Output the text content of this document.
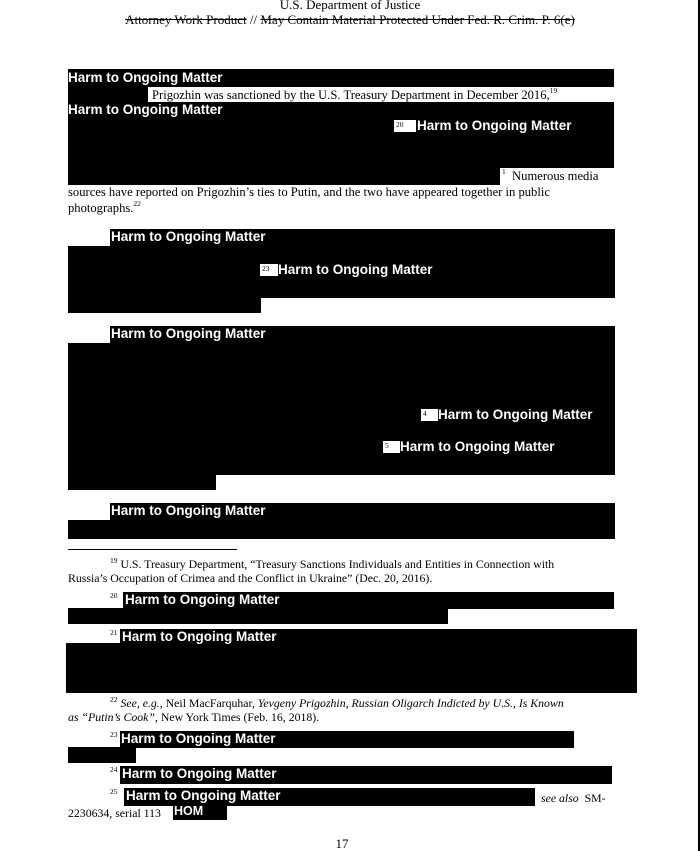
U.S. Department of Justice
Attorney Work Product // May Contain Material Protected Under Fed. R. Crim. P. 6(e)
Harm to Ongoing Matter
Prigozhin was sanctioned by the U.S. Treasury Department in December 2016,19
Harm to Ongoing Matter
20	Harm to Ongoing Matter
$^1$ Numerous media
sources have reported on Prigozhin’s ties to Putin, and the two have appeared together in public
photographs.$^{22}$
Harm to Ongoing Matter
23 Harm to Ongoing Matter
Harm to Ongoing Matter
4 Harm to Ongoing Matter
5 Harm to Ongoing Matter
Harm to Ongoing Matter
$^{19}$ U.S. Treasury Department, “Treasury Sanctions Individuals and Entities in Connection with
Russia’s Occupation of Crimea and the Conflict in Ukraine” (Dec. 20, 2016).
$^{20}$ Harm to Ongoing Matter
$^{21}$ Harm to Ongoing Matter
$^{22}$ See, e.g., Neil MacFarquhar, Yevgeny Prigozhin, Russian Oligarch Indicted by U.S., Is Known
as “Putin’s Cook”, New York Times (Feb. 16, 2018).
$^{23}$ Harm to Ongoing Matter
$^{24}$ Harm to Ongoing Matter
$^{25}$ Harm to Ongoing Matter	see also SM-
2230634, serial 113 HOM
17
